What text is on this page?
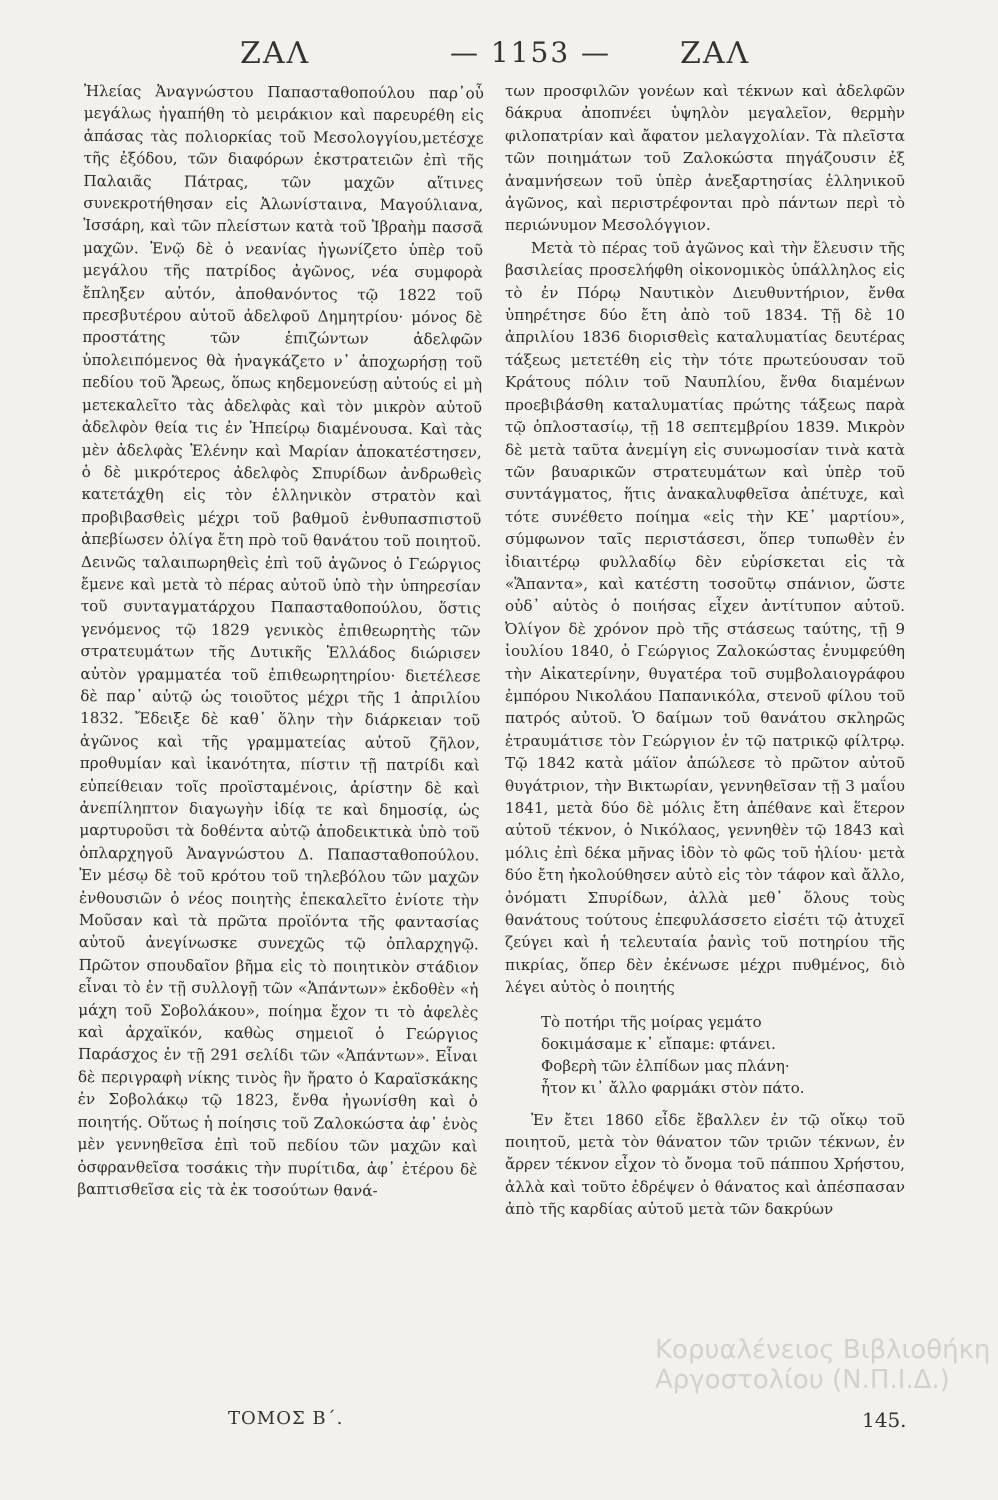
ΖΑΛ	— 1153 — ΖΑΛ

Ἠλείας Ἀναγνώστου Παπασταθοπούλου παρ᾽οὗ μεγάλως ἠγαπήθη τὸ μειράκιον καὶ παρευρέθη εἰς ἁπάσας τὰς πολιορκίας τοῦ Μεσολογγίου,μετέσχε τῆς ἐξόδου, τῶν διαφόρων ἐκστρατειῶν ἐπὶ τῆς Παλαιᾶς Πάτρας, τῶν μαχῶν αἵτινες συνεκροτήθησαν εἰς Ἀλωνίσταινα, Μαγούλιανα, Ἰσσάρη, καὶ τῶν πλείστων κατὰ τοῦ Ἰβραὴμ πασσᾶ μαχῶν. Ἐνῷ δὲ ὁ νεανίας ἠγωνίζετο ὑπὲρ τοῦ μεγάλου τῆς πατρίδος ἀγῶνος, νέα συμφορὰ ἔπληξεν αὐτόν, ἀποθανόντος τῷ 1822 τοῦ πρεσβυτέρου αὐτοῦ ἀδελφοῦ Δημητρίου· μόνος δὲ προστάτης τῶν ἐπιζώντων ἀδελφῶν ὑπολειπόμενος θὰ ἠναγκάζετο ν᾽ ἀποχωρήσῃ τοῦ πεδίου τοῦ Ἄρεως, ὅπως κηδεμονεύσῃ αὐτούς εἰ μὴ μετεκαλεῖτο τὰς ἀδελφὰς καὶ τὸν μικρὸν αὐτοῦ ἀδελφὸν θεία τις ἐν Ἠπείρῳ διαμένουσα. Καὶ τὰς μὲν ἀδελφὰς Ἑλένην καὶ Μαρίαν ἀποκατέστησεν, ὁ δὲ μικρότερος ἀδελφὸς Σπυρίδων ἀνδρωθεὶς κατετάχθη εἰς τὸν ἑλληνικὸν στρατὸν καὶ προβιβασθεὶς μέχρι τοῦ βαθμοῦ ἐνθυπασπιστοῦ ἀπεβίωσεν ὀλίγα ἔτη πρὸ τοῦ θανάτου τοῦ ποιητοῦ. Δεινῶς ταλαιπωρηθεὶς ἐπὶ τοῦ ἀγῶνος ὁ Γεώργιος ἔμενε καὶ μετὰ τὸ πέρας αὐτοῦ ὑπὸ τὴν ὑπηρεσίαν τοῦ συνταγματάρχου Παπασταθοπούλου, ὅστις γενόμενος τῷ 1829 γενικὸς ἐπιθεωρητὴς τῶν στρατευμάτων τῆς Δυτικῆς Ἑλλάδος διώρισεν αὐτὸν γραμματέα τοῦ ἐπιθεωρητηρίου· διετέλεσε δὲ παρ᾽ αὐτῷ ὡς τοιοῦτος μέχρι τῆς 1 ἀπριλίου 1832. Ἔδειξε δὲ καθ᾽ ὅλην τὴν διάρκειαν τοῦ ἀγῶνος καὶ τῆς γραμματείας αὐτοῦ ζῆλον, προθυμίαν καὶ ἱκανότητα, πίστιν τῇ πατρίδι καὶ εὐπείθειαν τοῖς προϊσταμένοις, ἀρίστην δὲ καὶ ἀνεπίληπτον διαγωγὴν ἰδίᾳ τε καὶ δημοσίᾳ, ὡς μαρτυροῦσι τὰ δοθέντα αὐτῷ ἀποδεικτικὰ ὑπὸ τοῦ ὁπλαρχηγοῦ Ἀναγνώστου Δ. Παπασταθοπούλου. Ἐν μέσῳ δὲ τοῦ κρότου τοῦ τηλεβόλου τῶν μαχῶν ἐνθουσιῶν ὁ νέος ποιητὴς ἐπεκαλεῖτο ἐνίοτε τὴν Μοῦσαν καὶ τὰ πρῶτα προϊόντα τῆς φαντασίας αὐτοῦ ἀνεγίνωσκε συνεχῶς τῷ ὁπλαρχηγῷ. Πρῶτον σπουδαῖον βῆμα εἰς τὸ ποιητικὸν στάδιον εἶναι τὸ ἐν τῇ συλλογῇ τῶν «Ἁπάντων» ἐκδοθὲν «ἡ μάχη τοῦ Σοβολάκου», ποίημα ἔχον τι τὸ ἀφελὲς καὶ ἀρχαϊκόν, καθὼς σημειοῖ ὁ Γεώργιος Παράσχος ἐν τῇ 291 σελίδι τῶν «Ἁπάντων». Εἶναι δὲ περιγραφὴ νίκης τινὸς ἣν ἤρατο ὁ Καραϊσκάκης ἐν Σοβολάκῳ τῷ 1823, ἔνθα ἠγωνίσθη καὶ ὁ ποιητής. Οὕτως ἡ ποίησις τοῦ Ζαλοκώστα ἀφ᾽ ἑνὸς μὲν γεννηθεῖσα ἐπὶ τοῦ πεδίου τῶν μαχῶν καὶ ὀσφρανθεῖσα τοσάκις τὴν πυρίτιδα, ἀφ᾽ ἑτέρου δὲ βαπτισθεῖσα εἰς τὰ ἐκ τοσούτων θανά-

των προσφιλῶν γονέων καὶ τέκνων καὶ ἀδελφῶν δάκρυα ἀποπνέει ὑψηλὸν μεγαλεῖον, θερμὴν φιλοπατρίαν καὶ ἄφατον μελαγχολίαν. Τὰ πλεῖστα τῶν ποιημάτων τοῦ Ζαλοκώστα πηγάζουσιν ἐξ ἀναμνήσεων τοῦ ὑπὲρ ἀνεξαρτησίας ἑλληνικοῦ ἀγῶνος, καὶ περιστρέφονται πρὸ πάντων περὶ τὸ περιώνυμον Μεσολόγγιον.

Μετὰ τὸ πέρας τοῦ ἀγῶνος καὶ τὴν ἔλευσιν τῆς βασιλείας προσελήφθη οἰκονομικὸς ὑπάλληλος εἰς τὸ ἐν Πόρῳ Ναυτικὸν Διευθυντήριον, ἔνθα ὑπηρέτησε δύο ἔτη ἀπὸ τοῦ 1834. Τῇ δὲ 10 ἀπριλίου 1836 διορισθεὶς καταλυματίας δευτέρας τάξεως μετετέθη εἰς τὴν τότε πρωτεύουσαν τοῦ Κράτους πόλιν τοῦ Ναυπλίου, ἔνθα διαμένων προεβιβάσθη καταλυματίας πρώτης τάξεως παρὰ τῷ ὁπλοστασίῳ, τῇ 18 σεπτεμβρίου 1839. Μικρὸν δὲ μετὰ ταῦτα ἀνεμίγη εἰς συνωμοσίαν τινὰ κατὰ τῶν βαυαρικῶν στρατευμάτων καὶ ὑπὲρ τοῦ συντάγματος, ἥτις ἀνακαλυφθεῖσα ἀπέτυχε, καὶ τότε συνέθετο ποίημα «εἰς τὴν ΚΕ᾽ μαρτίου», σύμφωνον ταῖς περιστάσεσι, ὅπερ τυπωθὲν ἐν ἰδιαιτέρῳ φυλλαδίῳ δὲν εὑρίσκεται εἰς τὰ «Ἅπαντα», καὶ κατέστη τοσοῦτῳ σπάνιον, ὥστε οὐδ᾽ αὐτὸς ὁ ποιήσας εἶχεν ἀντίτυπον αὐτοῦ. Ὀλίγον δὲ χρόνον πρὸ τῆς στάσεως ταύτης, τῇ 9 ἰουλίου 1840, ὁ Γεώργιος Ζαλοκώστας ἐνυμφεύθη τὴν Αἰκατερίνην, θυγατέρα τοῦ συμβολαιογράφου ἐμπόρου Νικολάου Παπανικόλα, στενοῦ φίλου τοῦ πατρός αὐτοῦ. Ὁ δαίμων τοῦ θανάτου σκληρῶς ἐτραυμάτισε τὸν Γεώργιον ἐν τῷ πατρικῷ φίλτρῳ. Τῷ 1842 κατὰ μάϊον ἀπώλεσε τὸ πρῶτον αὐτοῦ θυγάτριον, τὴν Βικτωρίαν, γεννηθεῖσαν τῇ 3 μαΐου 1841, μετὰ δύο δὲ μόλις ἔτη ἀπέθανε καὶ ἕτερον αὐτοῦ τέκνον, ὁ Νικόλαος, γεννηθὲν τῷ 1843 καὶ μόλις ἐπὶ δέκα μῆνας ἰδὸν τὸ φῶς τοῦ ἡλίου· μετὰ δύο ἔτη ἠκολούθησεν αὐτὸ εἰς τὸν τάφον καὶ ἄλλο, ὀνόματι Σπυρίδων, ἀλλὰ μεθ᾽ ὅλους τοὺς θανάτους τούτους ἐπεφυλάσσετο εἰσέτι τῷ ἀτυχεῖ ζεύγει καὶ ἡ τελευταία ῥανὶς τοῦ ποτηρίου τῆς πικρίας, ὅπερ δὲν ἐκένωσε μέχρι πυθμένος, διὸ λέγει αὐτὸς ὁ ποιητής

Τὸ ποτήρι τῆς μοίρας γεμάτο
δοκιμάσαμε κ᾽ εἴπαμε: φτάνει.
Φοβερὴ τῶν ἐλπίδων μας πλάνη·
ἦτον κι᾽ ἄλλο φαρμάκι στὸν πάτο.

Ἐν ἔτει 1860 εἶδε ἔβαλλεν ἐν τῷ οἴκῳ τοῦ ποιητοῦ, μετὰ τὸν θάνατον τῶν τριῶν τέκνων, ἐν ἄρρεν τέκνον εἶχον τὸ ὄνομα τοῦ πάππου Χρήστου, ἀλλὰ καὶ τοῦτο ἐδρέψεν ὁ θάνατος καὶ ἀπέσπασαν ἀπὸ τῆς καρδίας αὐτοῦ μετὰ τῶν δακρύων

Κορυαλένειος Βιβλιοθήκη
Αργοστολίου (Ν.Π.Ι.Δ.)
ΤΟΜΟΣ Β΄.	145.
